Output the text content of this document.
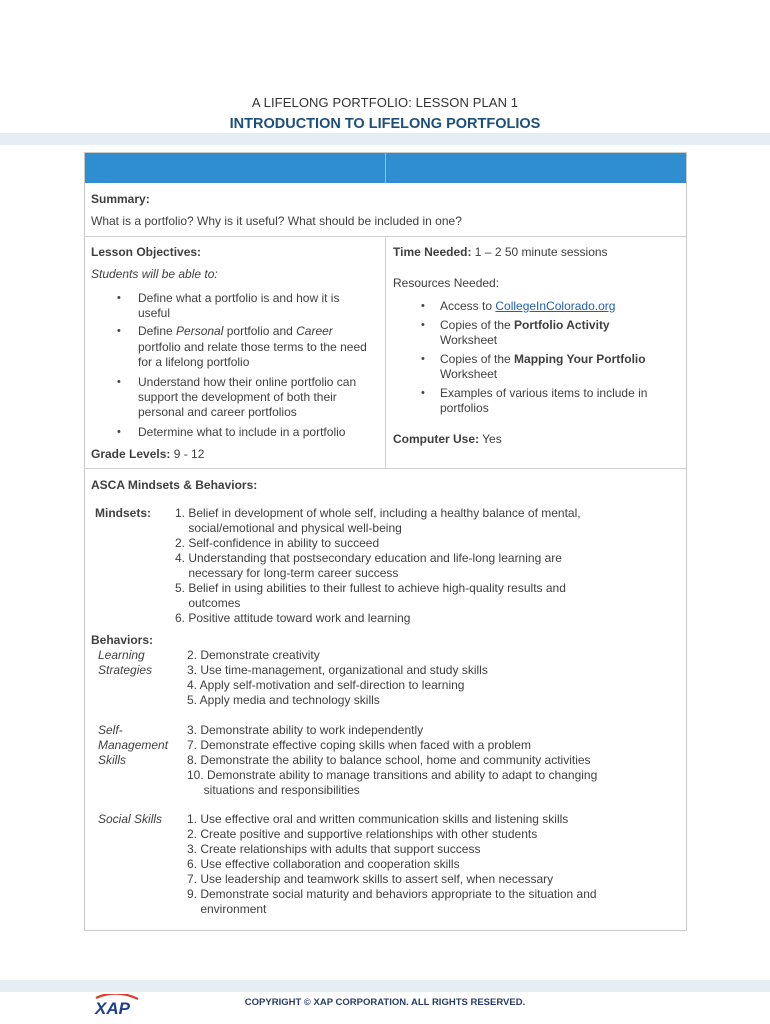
A LIFELONG PORTFOLIO: LESSON PLAN 1
INTRODUCTION TO LIFELONG PORTFOLIOS
Summary:
What is a portfolio? Why is it useful? What should be included in one?
Lesson Objectives:
Students will be able to:
• Define what a portfolio is and how it is
useful
• Define Personal portfolio and Career
portfolio and relate those terms to the need
for a lifelong portfolio
• Understand how their online portfolio can
support the development of both their
personal and career portfolios
• Determine what to include in a portfolio
Grade Levels: 9 - 12
Time Needed: 1 – 2 50 minute sessions
Resources Needed:
• Access to CollegeInColorado.org
• Copies of the Portfolio Activity
Worksheet
• Copies of the Mapping Your Portfolio
Worksheet
• Examples of various items to include in
portfolios
Computer Use: Yes
ASCA Mindsets & Behaviors:
Mindsets: 1. Belief in development of whole self, including a healthy balance of mental,
social/emotional and physical well-being
2. Self-confidence in ability to succeed
4. Understanding that postsecondary education and life-long learning are
necessary for long-term career success
5. Belief in using abilities to their fullest to achieve high-quality results and
outcomes
6. Positive attitude toward work and learning
Behaviors:
Learning
Strategies
2. Demonstrate creativity
3. Use time-management, organizational and study skills
4. Apply self-motivation and self-direction to learning
5. Apply media and technology skills
Self-
Management
Skills
3. Demonstrate ability to work independently
7. Demonstrate effective coping skills when faced with a problem
8. Demonstrate the ability to balance school, home and community activities
10. Demonstrate ability to manage transitions and ability to adapt to changing
situations and responsibilities
Social Skills 1. Use effective oral and written communication skills and listening skills
2. Create positive and supportive relationships with other students
3. Create relationships with adults that support success
6. Use effective collaboration and cooperation skills
7. Use leadership and teamwork skills to assert self, when necessary
9. Demonstrate social maturity and behaviors appropriate to the situation and
environment
XAP	COPYRIGHT © XAP CORPORATION. ALL RIGHTS RESERVED.
